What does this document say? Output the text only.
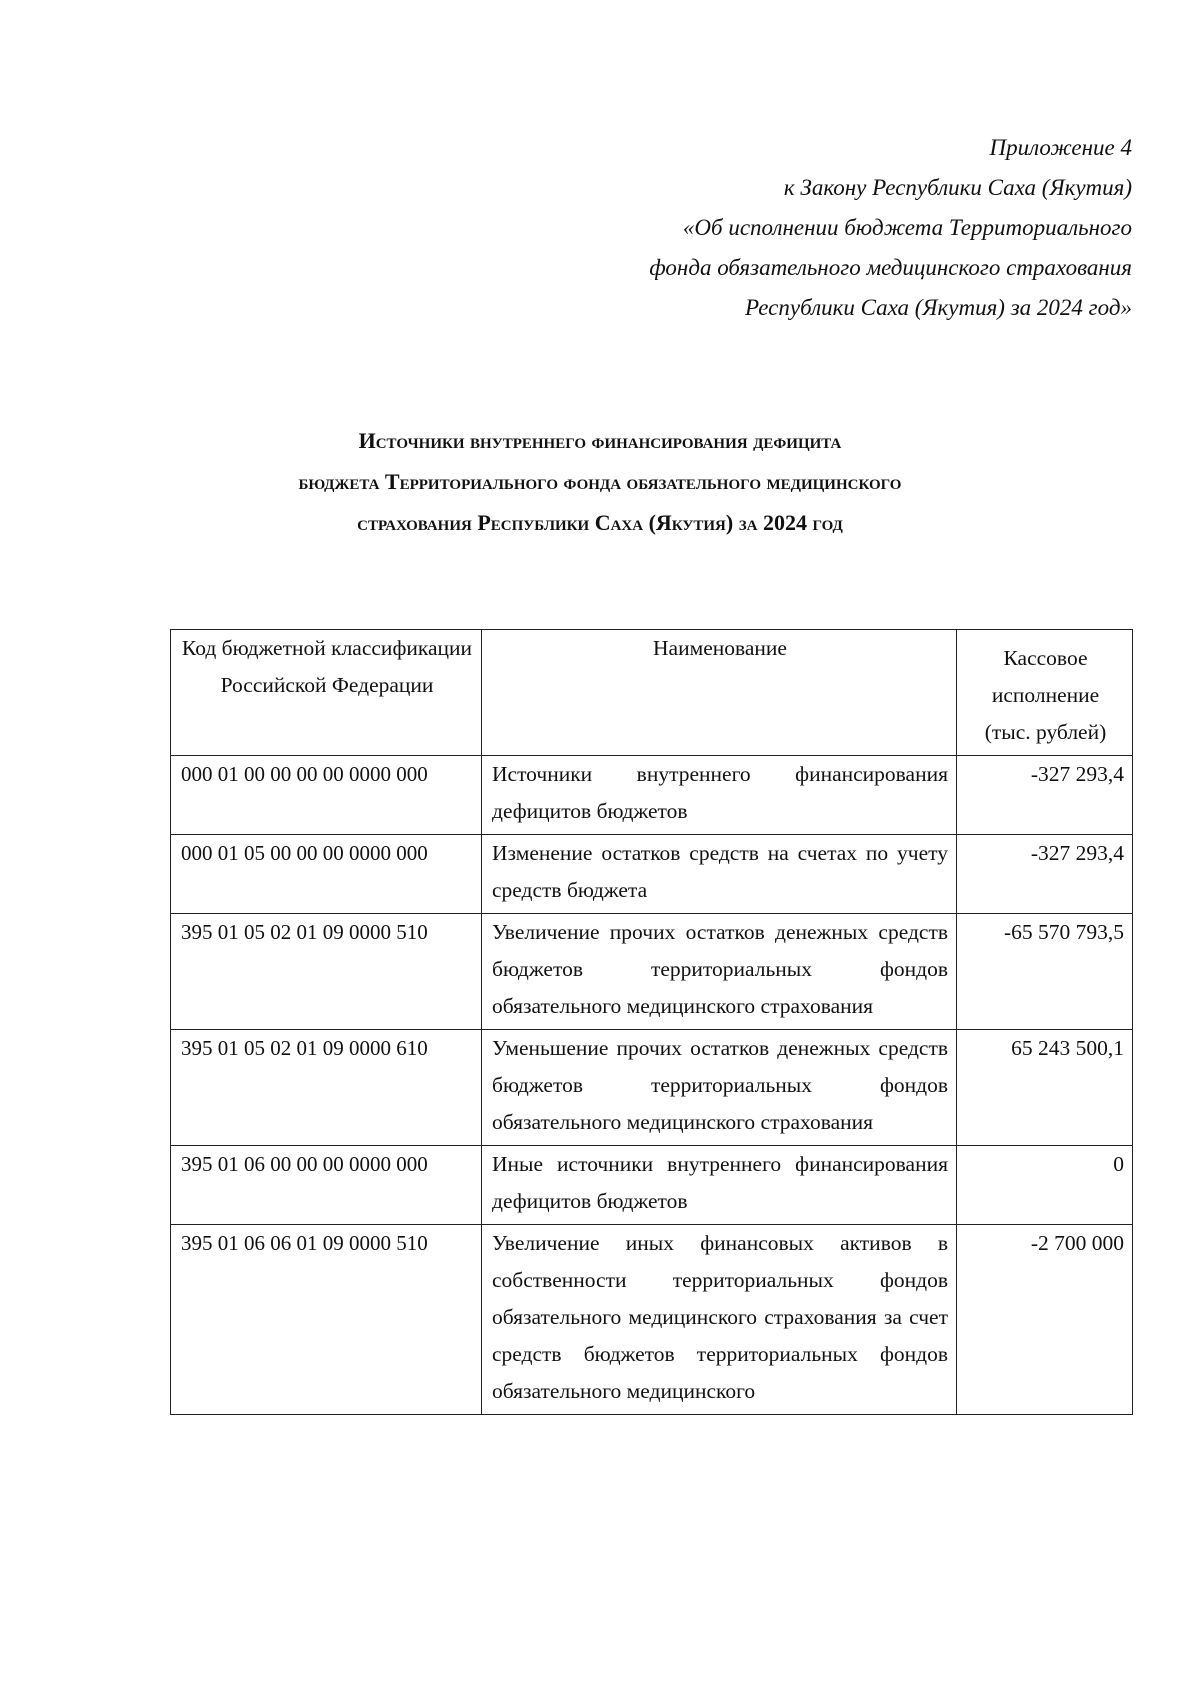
Приложение 4
к Закону Республики Саха (Якутия)
«Об исполнении бюджета Территориального
фонда обязательного медицинского страхования
Республики Саха (Якутия) за 2024 год»
Источники внутреннего финансирования дефицита
бюджета Территориального фонда обязательного медицинского
страхования Республики Саха (Якутия) за 2024 год
Код бюджетной классификации Российской Федерации	Наименование	Кассовое исполнение (тыс. рублей)
000 01 00 00 00 00 0000 000	Источники внутреннего финансирования дефицитов бюджетов	-327 293,4
000 01 05 00 00 00 0000 000	Изменение остатков средств на счетах по учету средств бюджета	-327 293,4
395 01 05 02 01 09 0000 510	Увеличение прочих остатков денежных средств бюджетов территориальных фондов обязательного медицинского страхования	-65 570 793,5
395 01 05 02 01 09 0000 610	Уменьшение прочих остатков денежных средств бюджетов территориальных фондов обязательного медицинского страхования	65 243 500,1
395 01 06 00 00 00 0000 000	Иные источники внутреннего финансирования дефицитов бюджетов	0
395 01 06 06 01 09 0000 510	Увеличение иных финансовых активов в собственности территориальных фондов обязательного медицинского страхования за счет средств бюджетов территориальных фондов обязательного медицинского	-2 700 000
